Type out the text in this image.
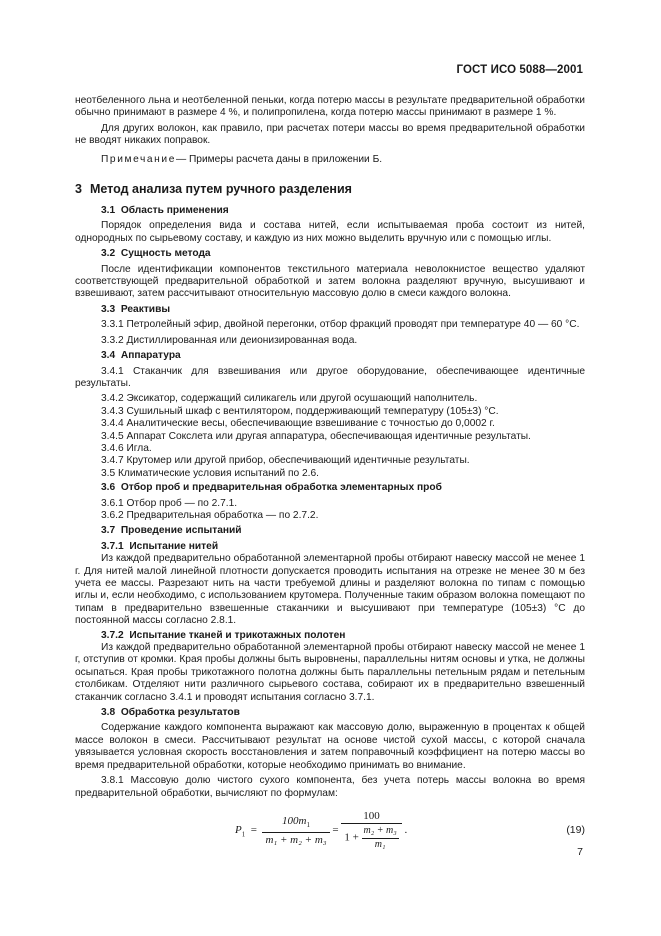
ГОСТ ИСО 5088—2001

неотбеленного льна и неотбеленной пеньки, когда потерю массы в результате предварительной обработки обычно принимают в размере 4 %, и полипропилена, когда потерю массы принимают в размере 1 %.

Для других волокон, как правило, при расчетах потери массы во время предварительной обработки не вводят никаких поправок.

Примечание— Примеры расчета даны в приложении Б.

3 Метод анализа путем ручного разделения

3.1 Область применения

Порядок определения вида и состава нитей, если испытываемая проба состоит из нитей, однородных по сырьевому составу, и каждую из них можно выделить вручную или с помощью иглы.

3.2 Сущность метода

После идентификации компонентов текстильного материала неволокнистое вещество удаляют соответствующей предварительной обработкой и затем волокна разделяют вручную, высушивают и взвешивают, затем рассчитывают относительную массовую долю в смеси каждого волокна.

3.3 Реактивы

3.3.1 Петролейный эфир, двойной перегонки, отбор фракций проводят при температуре 40 — 60 °С.

3.3.2 Дистиллированная или деионизированная вода.

3.4 Аппаратура

3.4.1 Стаканчик для взвешивания или другое оборудование, обеспечивающее идентичные результаты.

3.4.2 Эксикатор, содержащий силикагель или другой осушающий наполнитель.

3.4.3 Сушильный шкаф с вентилятором, поддерживающий температуру (105±3) °С.

3.4.4 Аналитические весы, обеспечивающие взвешивание с точностью до 0,0002 г.

3.4.5 Аппарат Сокслета или другая аппаратура, обеспечивающая идентичные результаты.

3.4.6 Игла.

3.4.7 Крутомер или другой прибор, обеспечивающий идентичные результаты.

3.5 Климатические условия испытаний по 2.6.

3.6 Отбор проб и предварительная обработка элементарных проб

3.6.1 Отбор проб — по 2.7.1.

3.6.2 Предварительная обработка — по 2.7.2.

3.7 Проведение испытаний

3.7.1 Испытание нитей

Из каждой предварительно обработанной элементарной пробы отбирают навеску массой не менее 1 г. Для нитей малой линейной плотности допускается проводить испытания на отрезке не менее 30 м без учета ее массы. Разрезают нить на части требуемой длины и разделяют волокна по типам с помощью иглы и, если необходимо, с использованием крутомера. Полученные таким образом волокна помещают по типам в предварительно взвешенные стаканчики и высушивают при температуре (105±3) °С до постоянной массы согласно 2.8.1.

3.7.2 Испытание тканей и трикотажных полотен

Из каждой предварительно обработанной элементарной пробы отбирают навеску массой не менее 1 г, отступив от кромки. Края пробы должны быть выровнены, параллельны нитям основы и утка, не должны осыпаться. Края пробы трикотажного полотна должны быть параллельны петельным рядам и петельным столбикам. Отделяют нити различного сырьевого состава, собирают их в предварительно взвешенный стаканчик согласно 3.4.1 и проводят испытания согласно 3.7.1.

3.8 Обработка результатов

Содержание каждого компонента выражают как массовую долю, выраженную в процентах к общей массе волокон в смеси. Рассчитывают результат на основе чистой сухой массы, с которой сначала увязывается условная скорость восстановления и затем поправочный коэффициент на потерю массы во время предварительной обработки, которые необходимо принимать во внимание.

3.8.1 Массовую долю чистого сухого компонента, без учета потерь массы волокна во время предварительной обработки, вычисляют по формулам:

$P_1 = \frac{100m_1}{\text{m₁ + m₂ + m₃}} = \frac{100}{1 + \frac{\text{m₂ + m₃}}{\text{m₁}}}$ .	(19)
7
